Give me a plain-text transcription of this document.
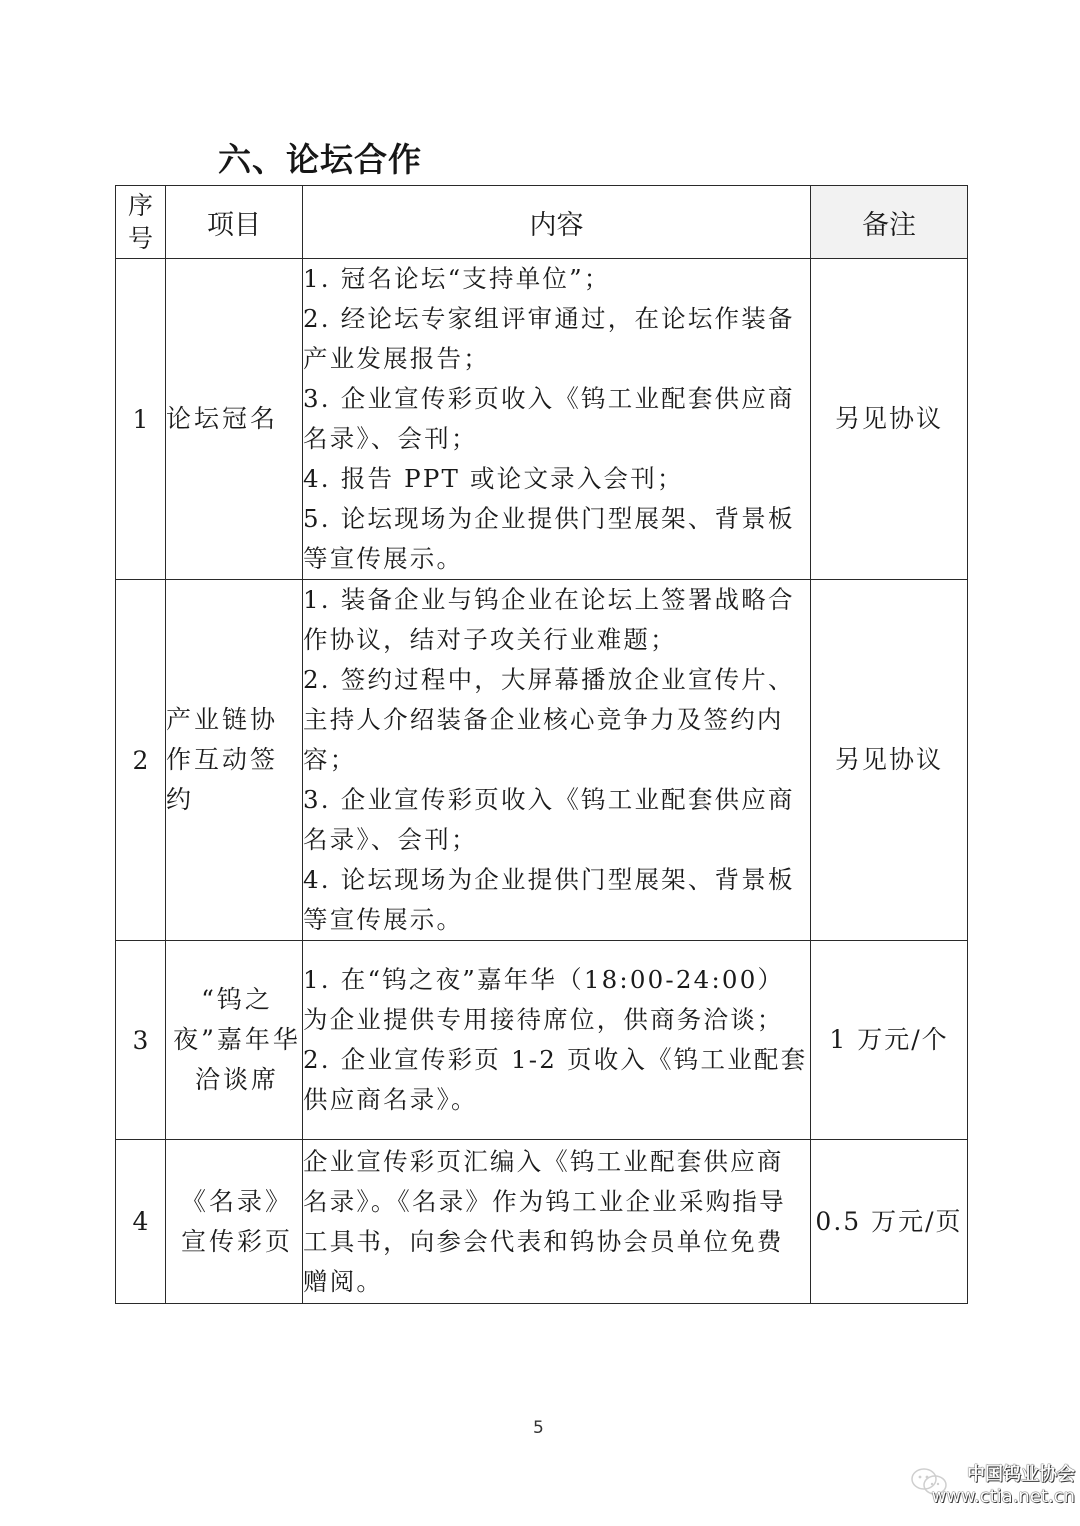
六、论坛合作
序
号	项目	内容	备注
1	论坛冠名	1. 冠名论坛“支持单位”；
2. 经论坛专家组评审通过，在论坛作装备产业发展报告；
3. 企业宣传彩页收入《钨工业配套供应商名录》、会刊；
4. 报告 PPT 或论文录入会刊；
5. 论坛现场为企业提供门型展架、背景板等宣传展示。	另见协议
2	产业链协作互动签约	1. 装备企业与钨企业在论坛上签署战略合作协议，结对子攻关行业难题；
2. 签约过程中，大屏幕播放企业宣传片、主持人介绍装备企业核心竞争力及签约内容；
3. 企业宣传彩页收入《钨工业配套供应商名录》、会刊；
4. 论坛现场为企业提供门型展架、背景板等宣传展示。	另见协议
3	“钨之夜”嘉年华洽谈席	1. 在“钨之夜”嘉年华（18:00-24:00）为企业提供专用接待席位，供商务洽谈；
2. 企业宣传彩页 1-2 页收入《钨工业配套供应商名录》。	1 万元/个
4	《名录》宣传彩页	企业宣传彩页汇编入《钨工业配套供应商名录》。《名录》作为钨工业企业采购指导工具书，向参会代表和钨协会员单位免费赠阅。	0.5 万元/页
5
中国钨业协会
www.ctia.net.cn
